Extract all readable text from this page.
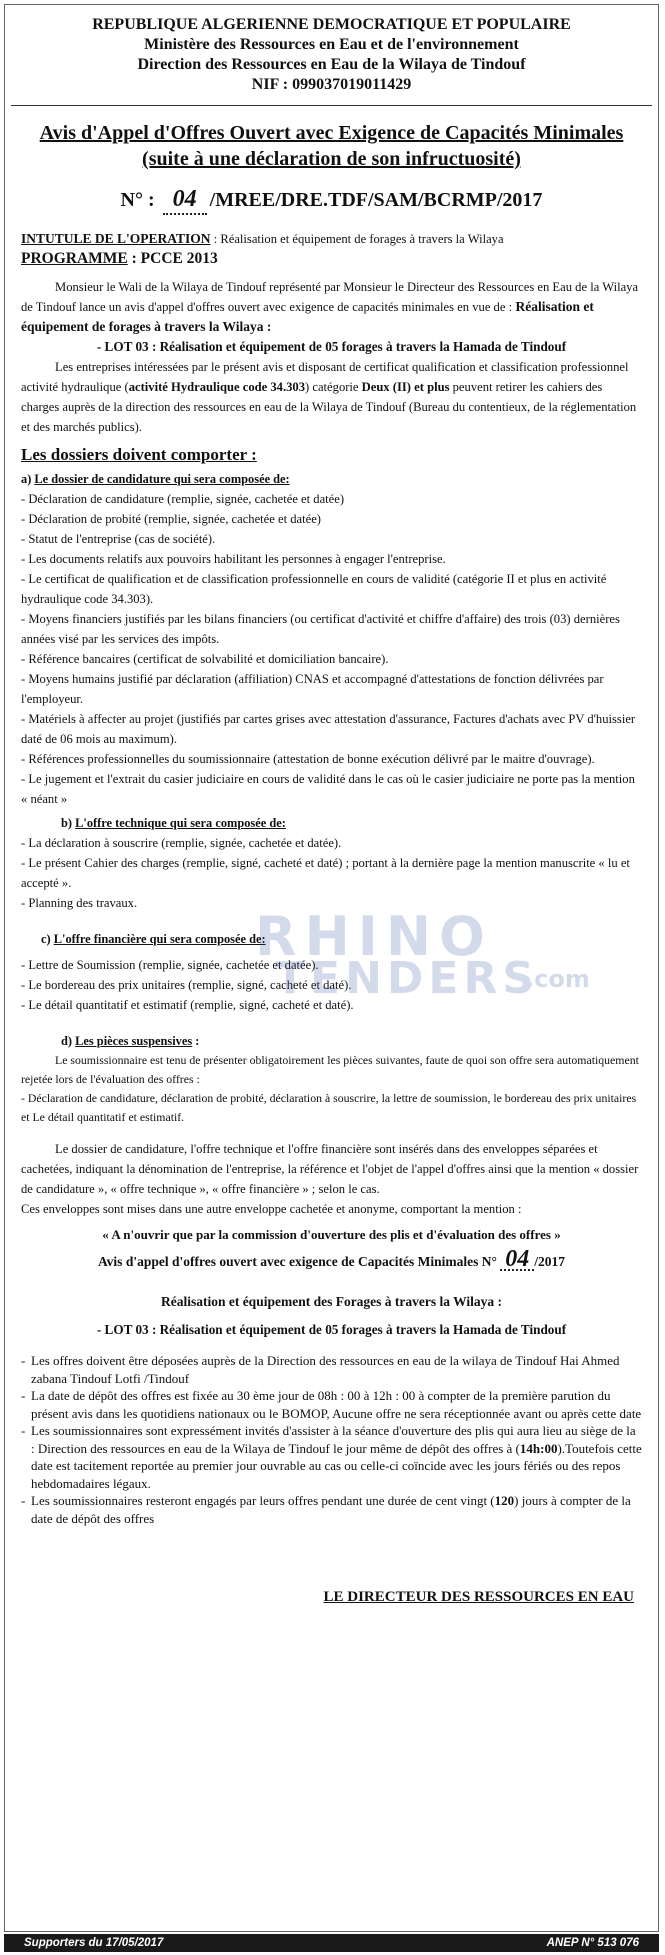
REPUBLIQUE ALGERIENNE DEMOCRATIQUE ET POPULAIRE
Ministère des Ressources en Eau et de l'environnement
Direction des Ressources en Eau de la Wilaya de Tindouf
NIF : 099037019011429
Avis d'Appel d'Offres Ouvert avec Exigence de Capacités Minimales
(suite à une déclaration de son infructuosité)
N° : 04 /MREE/DRE.TDF/SAM/BCRMP/2017

INTUTULE DE L'OPERATION : Réalisation et équipement de forages à travers la Wilaya

PROGRAMME : PCCE 2013

Monsieur le Wali de la Wilaya de Tindouf représenté par Monsieur le Directeur des Ressources en Eau de la Wilaya de Tindouf lance un avis d'appel d'offres ouvert avec exigence de capacités minimales en vue de : Réalisation et équipement de forages à travers la Wilaya :

- LOT 03 : Réalisation et équipement de 05 forages à travers la Hamada de Tindouf

Les entreprises intéressées par le présent avis et disposant de certificat qualification et classification professionnel activité hydraulique (activité Hydraulique code 34.303) catégorie Deux (II) et plus peuvent retirer les cahiers des charges auprès de la direction des ressources en eau de la Wilaya de Tindouf (Bureau du contentieux, de la réglementation et des marchés publics).

Les dossiers doivent comporter :

a) Le dossier de candidature qui sera composée de:

- Déclaration de candidature (remplie, signée, cachetée et datée)

- Déclaration de probité (remplie, signée, cachetée et datée)

- Statut de l'entreprise (cas de société).

- Les documents relatifs aux pouvoirs habilitant les personnes à engager l'entreprise.

- Le certificat de qualification et de classification professionnelle en cours de validité (catégorie II et plus en activité hydraulique code 34.303).

- Moyens financiers justifiés par les bilans financiers (ou certificat d'activité et chiffre d'affaire) des trois (03) dernières années visé par les services des impôts.

- Référence bancaires (certificat de solvabilité et domiciliation bancaire).

- Moyens humains justifié par déclaration (affiliation) CNAS et accompagné d'attestations de fonction délivrées par l'employeur.

- Matériels à affecter au projet (justifiés par cartes grises avec attestation d'assurance, Factures d'achats avec PV d'huissier daté de 06 mois au maximum).

- Références professionnelles du soumissionnaire (attestation de bonne exécution délivré par le maitre d'ouvrage).

- Le jugement et l'extrait du casier judiciaire en cours de validité dans le cas où le casier judiciaire ne porte pas la mention « néant »

b) L'offre technique qui sera composée de:

- La déclaration à souscrire (remplie, signée, cachetée et datée).

- Le présent Cahier des charges (remplie, signé, cacheté et daté) ; portant à la dernière page la mention manuscrite « lu et accepté ».

- Planning des travaux.

c) L'offre financière qui sera composée de:

- Lettre de Soumission (remplie, signée, cachetée et datée).

- Le bordereau des prix unitaires (remplie, signé, cacheté et daté).

- Le détail quantitatif et estimatif (remplie, signé, cacheté et daté).

d) Les pièces suspensives :

Le soumissionnaire est tenu de présenter obligatoirement les pièces suivantes, faute de quoi son offre sera automatiquement rejetée lors de l'évaluation des offres :

- Déclaration de candidature, déclaration de probité, déclaration à souscrire, la lettre de soumission, le bordereau des prix unitaires et Le détail quantitatif et estimatif.

Le dossier de candidature, l'offre technique et l'offre financière sont insérés dans des enveloppes séparées et cachetées, indiquant la dénomination de l'entreprise, la référence et l'objet de l'appel d'offres ainsi que la mention « dossier de candidature », « offre technique », « offre financière » ; selon le cas.

Ces enveloppes sont mises dans une autre enveloppe cachetée et anonyme, comportant la mention :

« A n'ouvrir que par la commission d'ouverture des plis et d'évaluation des offres »

Avis d'appel d'offres ouvert avec exigence de Capacités Minimales N° 04 /2017

Réalisation et équipement des Forages à travers la Wilaya :

- LOT 03 : Réalisation et équipement de 05 forages à travers la Hamada de Tindouf

- Les offres doivent être déposées auprès de la Direction des ressources en eau de la wilaya de Tindouf Hai Ahmed zabana Tindouf Lotfi /Tindouf
- La date de dépôt des offres est fixée au 30 ème jour de 08h : 00 à 12h : 00 à compter de la première parution du présent avis dans les quotidiens nationaux ou le BOMOP, Aucune offre ne sera réceptionnée avant ou après cette date
- Les soumissionnaires sont expressément invités d'assister à la séance d'ouverture des plis qui aura lieu au siège de la : Direction des ressources en eau de la Wilaya de Tindouf le jour même de dépôt des offres à (14h:00).Toutefois cette date est tacitement reportée au premier jour ouvrable au cas ou celle-ci coïncide avec les jours fériés ou des repos hebdomadaires légaux.
- Les soumissionnaires resteront engagés par leurs offres pendant une durée de cent vingt (120) jours à compter de la date de dépôt des offres

LE DIRECTEUR DES RESSOURCES EN EAU

RHINO
TENDERS
.com
Supporters du 17/05/2017	ANEP N° 513 076
